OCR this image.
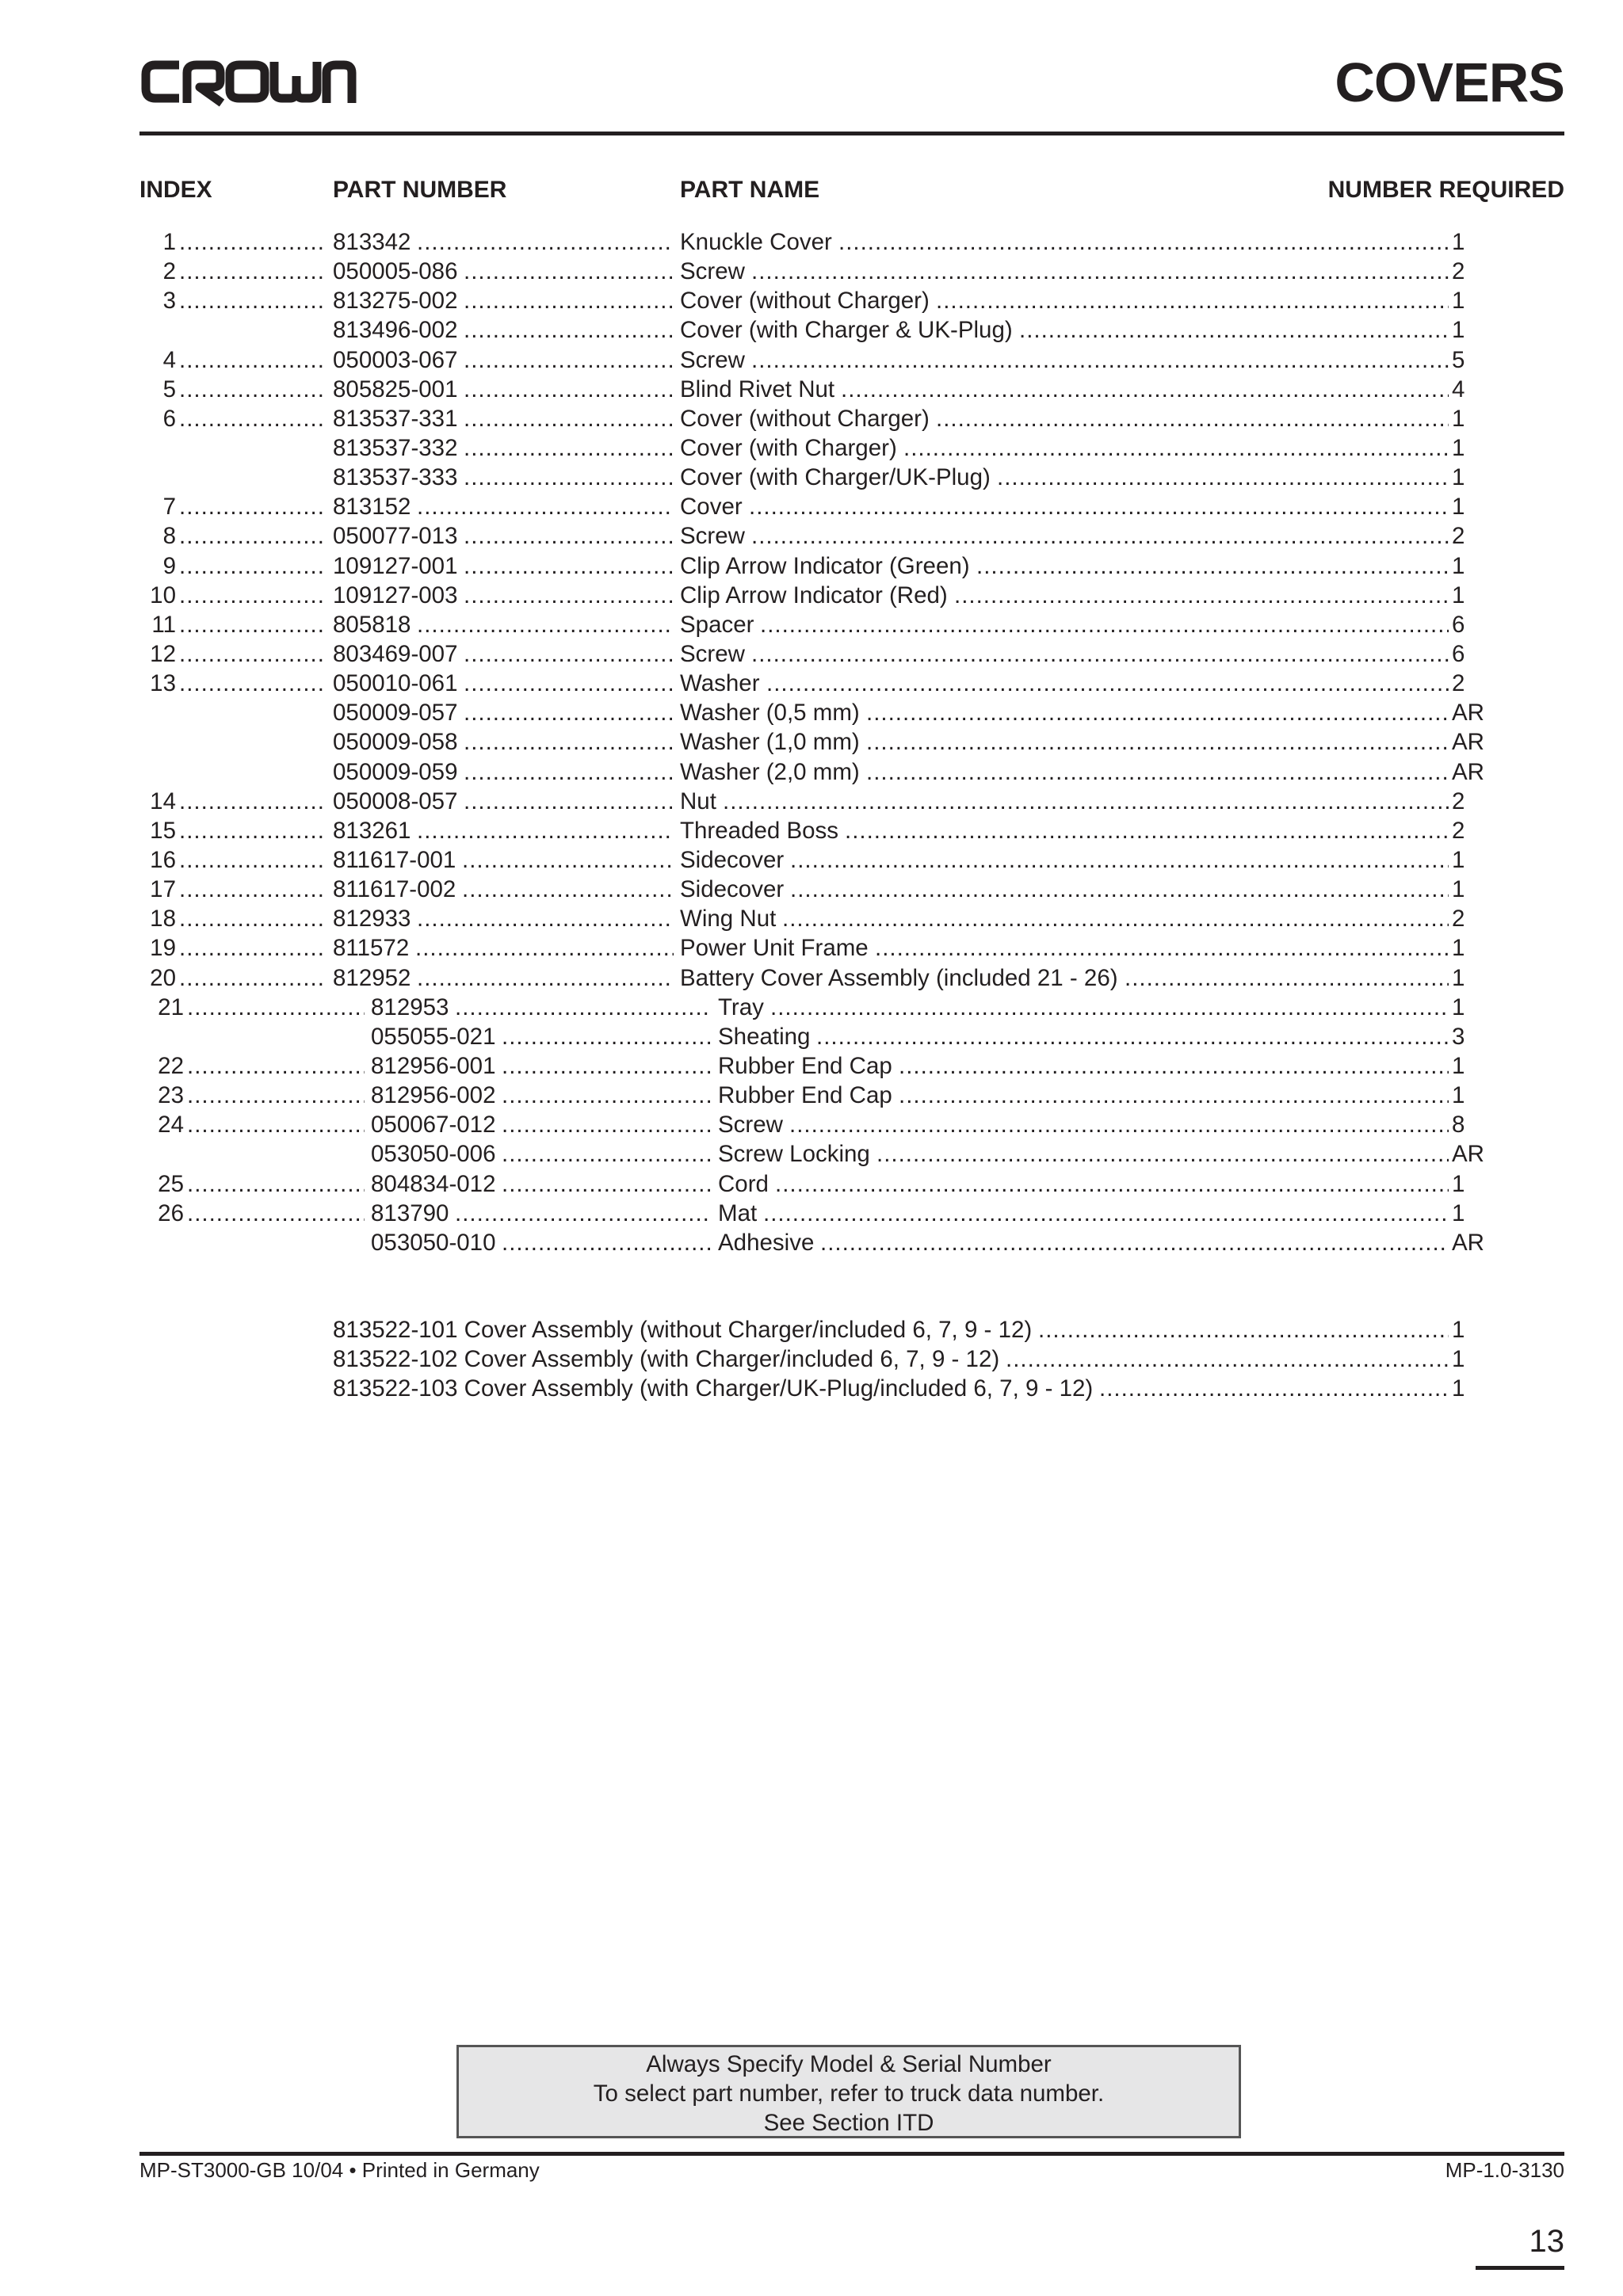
COVERS
INDEX	PART NUMBER	PART NAME	NUMBER REQUIRED
1 .....	813342 .....	Knuckle Cover .....	1
2 .....	050005-086 .....	Screw .....	2
3 .....	813275-002 .....	Cover (without Charger) .....	1
813496-002 .....	Cover (with Charger & UK-Plug) .....	1
4 .....	050003-067 .....	Screw .....	5
5 .....	805825-001 .....	Blind Rivet Nut .....	4
6 .....	813537-331 .....	Cover (without Charger) .....	1
813537-332 .....	Cover (with Charger) .....	1
813537-333 .....	Cover (with Charger/UK-Plug) .....	1
7 .....	813152 .....	Cover .....	1
8 .....	050077-013 .....	Screw .....	2
9 .....	109127-001 .....	Clip Arrow Indicator (Green) .....	1
10 .....	109127-003 .....	Clip Arrow Indicator (Red) .....	1
11 .....	805818 .....	Spacer .....	6
12 .....	803469-007 .....	Screw .....	6
13 .....	050010-061 .....	Washer .....	2
050009-057 .....	Washer (0,5 mm) .....	AR
050009-058 .....	Washer (1,0 mm) .....	AR
050009-059 .....	Washer (2,0 mm) .....	AR
14 .....	050008-057 .....	Nut .....	2
15 .....	813261 .....	Threaded Boss .....	2
16 .....	811617-001 .....	Sidecover .....	1
17 .....	811617-002 .....	Sidecover .....	1
18 .....	812933 .....	Wing Nut .....	2
19 .....	811572 .....	Power Unit Frame .....	1
20 .....	812952 .....	Battery Cover Assembly (included 21 - 26) .....	1
21 .....	812953 .....	Tray .....	1
055055-021 .....	Sheating .....	3
22 .....	812956-001 .....	Rubber End Cap .....	1
23 .....	812956-002 .....	Rubber End Cap .....	1
24 .....	050067-012 .....	Screw .....	8
053050-006 .....	Screw Locking .....	AR
25 .....	804834-012 .....	Cord .....	1
26 .....	813790 .....	Mat .....	1
053050-010 .....	Adhesive .....	AR
813522-101 Cover Assembly (without Charger/included 6, 7, 9 - 12) .....	1
813522-102 Cover Assembly (with Charger/included 6, 7, 9 - 12) .....	1
813522-103 Cover Assembly (with Charger/UK-Plug/included 6, 7, 9 - 12) .....	1
Always Specify Model & Serial Number
To select part number, refer to truck data number.
See Section ITD
MP-ST3000-GB 10/04 • Printed in Germany	MP-1.0-3130
13
